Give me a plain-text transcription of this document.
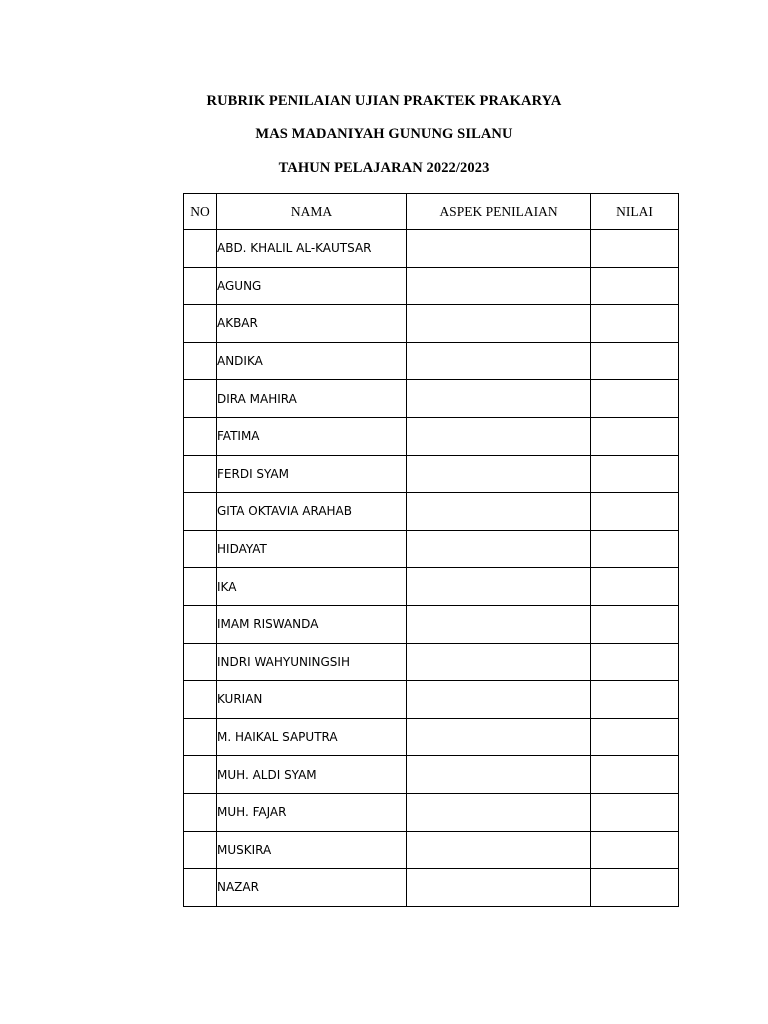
RUBRIK PENILAIAN UJIAN PRAKTEK PRAKARYA
MAS MADANIYAH GUNUNG SILANU
TAHUN PELAJARAN 2022/2023
NO	NAMA	ASPEK PENILAIAN	NILAI
	ABD. KHALIL AL-KAUTSAR		
	AGUNG		
	AKBAR		
	ANDIKA		
	DIRA MAHIRA		
	FATIMA		
	FERDI SYAM		
	GITA OKTAVIA ARAHAB		
	HIDAYAT		
	IKA		
	IMAM RISWANDA		
	INDRI WAHYUNINGSIH		
	KURIAN		
	M. HAIKAL SAPUTRA		
	MUH. ALDI SYAM		
	MUH. FAJAR		
	MUSKIRA		
	NAZAR		
